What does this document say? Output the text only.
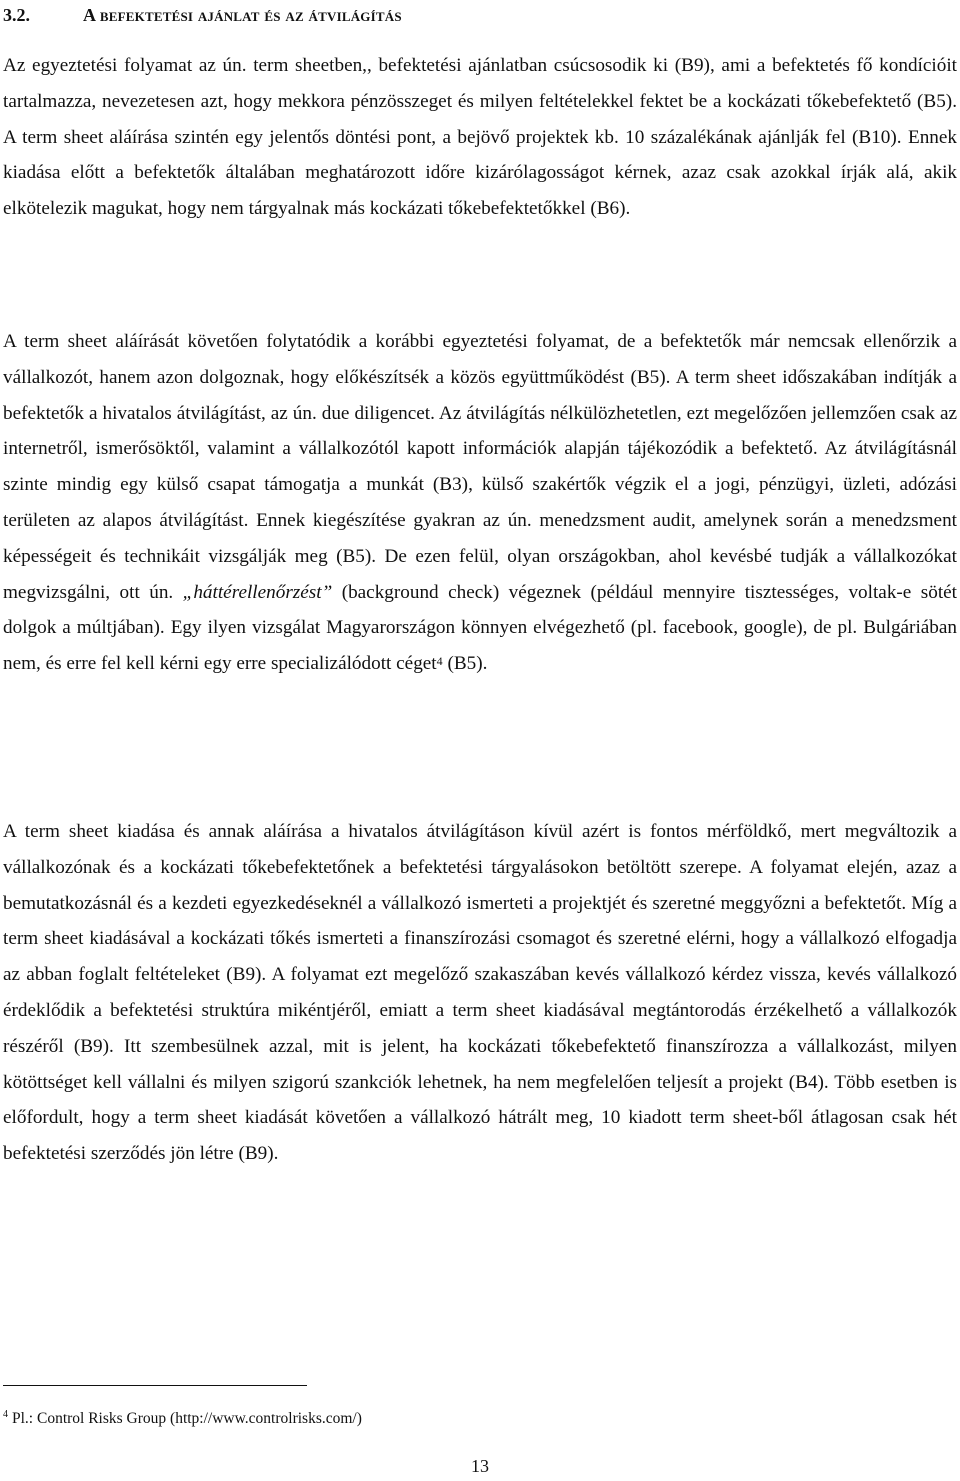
3.2.	A befektetési ajánlat és az átvilágítás

Az egyeztetési folyamat az ún. term sheetben,, befektetési ajánlatban csúcsosodik ki (B9), ami a befektetés fő kondícióit tartalmazza, nevezetesen azt, hogy mekkora pénzösszeget és milyen feltételekkel fektet be a kockázati tőkebefektető (B5). A term sheet aláírása szintén egy jelentős döntési pont, a bejövő projektek kb. 10 százalékának ajánlják fel (B10). Ennek kiadása előtt a befektetők általában meghatározott időre kizárólagosságot kérnek, azaz csak azokkal írják alá, akik elkötelezik magukat, hogy nem tárgyalnak más kockázati tőkebefektetőkkel (B6).

A term sheet aláírását követően folytatódik a korábbi egyeztetési folyamat, de a befektetők már nemcsak ellenőrzik a vállalkozót, hanem azon dolgoznak, hogy előkészítsék a közös együttműködést (B5). A term sheet időszakában indítják a befektetők a hivatalos átvilágítást, az ún. due diligencet. Az átvilágítás nélkülözhetetlen, ezt megelőzően jellemzően csak az internetről, ismerősöktől, valamint a vállalkozótól kapott információk alapján tájékozódik a befektető. Az átvilágításnál szinte mindig egy külső csapat támogatja a munkát (B3), külső szakértők végzik el a jogi, pénzügyi, üzleti, adózási területen az alapos átvilágítást. Ennek kiegészítése gyakran az ún. menedzsment audit, amelynek során a menedzsment képességeit és technikáit vizsgálják meg (B5). De ezen felül, olyan országokban, ahol kevésbé tudják a vállalkozókat megvizsgálni, ott ún. „háttérellenőrzést” (background check) végeznek (például mennyire tisztességes, voltak-e sötét dolgok a múltjában). Egy ilyen vizsgálat Magyarországon könnyen elvégezhető (pl. facebook, google), de pl. Bulgáriában nem, és erre fel kell kérni egy erre specializálódott céget$^4$ (B5).

A term sheet kiadása és annak aláírása a hivatalos átvilágításon kívül azért is fontos mérföldkő, mert megváltozik a vállalkozónak és a kockázati tőkebefektetőnek a befektetési tárgyalásokon betöltött szerepe. A folyamat elején, azaz a bemutatkozásnál és a kezdeti egyezkedéseknél a vállalkozó ismerteti a projektjét és szeretné meggyőzni a befektetőt. Míg a term sheet kiadásával a kockázati tőkés ismerteti a finanszírozási csomagot és szeretné elérni, hogy a vállalkozó elfogadja az abban foglalt feltételeket (B9). A folyamat ezt megelőző szakaszában kevés vállalkozó kérdez vissza, kevés vállalkozó érdeklődik a befektetési struktúra mikéntjéről, emiatt a term sheet kiadásával megtántorodás érzékelhető a vállalkozók részéről (B9). Itt szembesülnek azzal, mit is jelent, ha kockázati tőkebefektető finanszírozza a vállalkozást, milyen kötöttséget kell vállalni és milyen szigorú szankciók lehetnek, ha nem megfelelően teljesít a projekt (B4). Több esetben is előfordult, hogy a term sheet kiadását követően a vállalkozó hátrált meg, 10 kiadott term sheet-ből átlagosan csak hét befektetési szerződés jön létre (B9).

$^4$ Pl.: Control Risks Group (http://www.controlrisks.com/)
13
